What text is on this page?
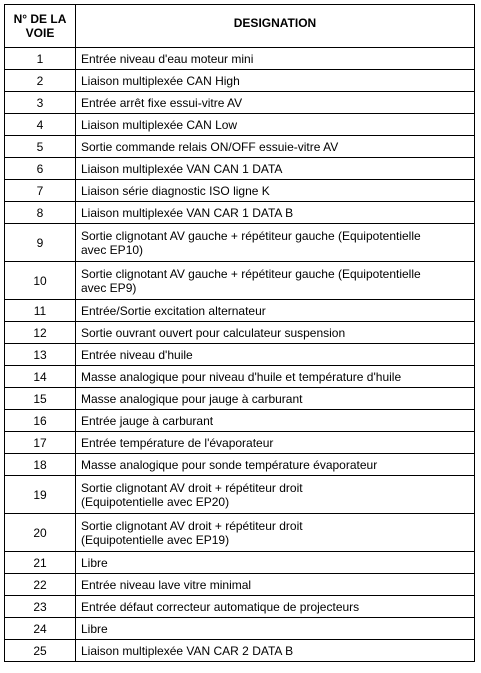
N° DE LA
VOIE	DESIGNATION
1	Entrée niveau d'eau moteur mini
2	Liaison multiplexée CAN High
3	Entrée arrêt fixe essui-vitre AV
4	Liaison multiplexée CAN Low
5	Sortie commande relais ON/OFF essuie-vitre AV
6	Liaison multiplexée VAN CAN 1 DATA
7	Liaison série diagnostic ISO ligne K
8	Liaison multiplexée VAN CAR 1 DATA B
9	Sortie clignotant AV gauche + répétiteur gauche (Equipotentielle
avec EP10)
10	Sortie clignotant AV gauche + répétiteur gauche (Equipotentielle
avec EP9)
11	Entrée/Sortie excitation alternateur
12	Sortie ouvrant ouvert pour calculateur suspension
13	Entrée niveau d'huile
14	Masse analogique pour niveau d'huile et température d'huile
15	Masse analogique pour jauge à carburant
16	Entrée jauge à carburant
17	Entrée température de l'évaporateur
18	Masse analogique pour sonde température évaporateur
19	Sortie clignotant AV droit + répétiteur droit
(Equipotentielle avec EP20)
20	Sortie clignotant AV droit + répétiteur droit
(Equipotentielle avec EP19)
21	Libre
22	Entrée niveau lave vitre minimal
23	Entrée défaut correcteur automatique de projecteurs
24	Libre
25	Liaison multiplexée VAN CAR 2 DATA B
